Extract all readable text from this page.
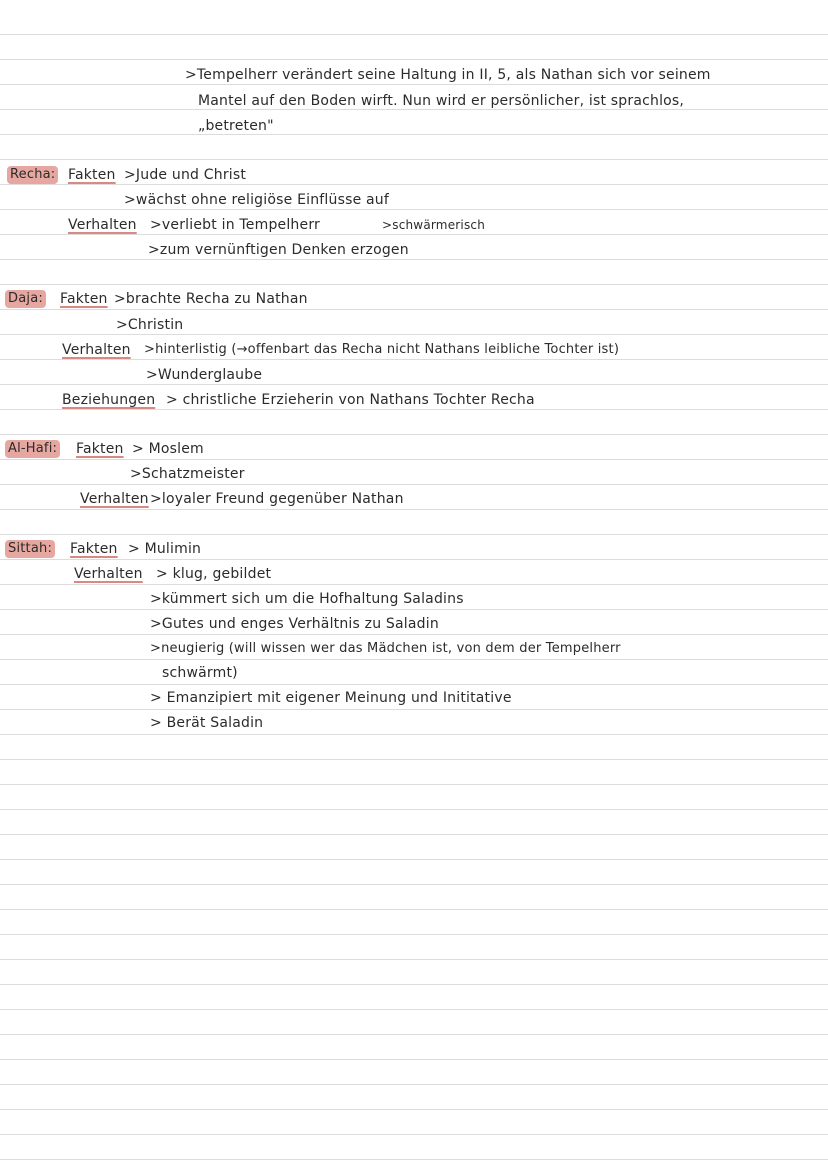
>Tempelherr verändert seine Haltung in II, 5, als Nathan sich vor seinem
Mantel auf den Boden wirft. Nun wird er persönlicher, ist sprachlos,
„betreten"
Recha: Fakten >Jude und Christ
>wächst ohne religiöse Einflüsse auf
Verhalten >verliebt in Tempelherr	>schwärmerisch
>zum vernünftigen Denken erzogen
Daja: Fakten >brachte Recha zu Nathan
>Christin
Verhalten >hinterlistig (→offenbart das Recha nicht Nathans leibliche Tochter ist)
>Wunderglaube
Beziehungen > christliche Erzieherin von Nathans Tochter Recha
Al-Hafi: Fakten > Moslem
>Schatzmeister
Verhalten >loyaler Freund gegenüber Nathan
Sittah: Fakten > Mulimin
Verhalten > klug, gebildet
>kümmert sich um die Hofhaltung Saladins
>Gutes und enges Verhältnis zu Saladin
>neugierig (will wissen wer das Mädchen ist, von dem der Tempelherr
schwärmt)
> Emanzipiert mit eigener Meinung und Inititative
> Berät Saladin
